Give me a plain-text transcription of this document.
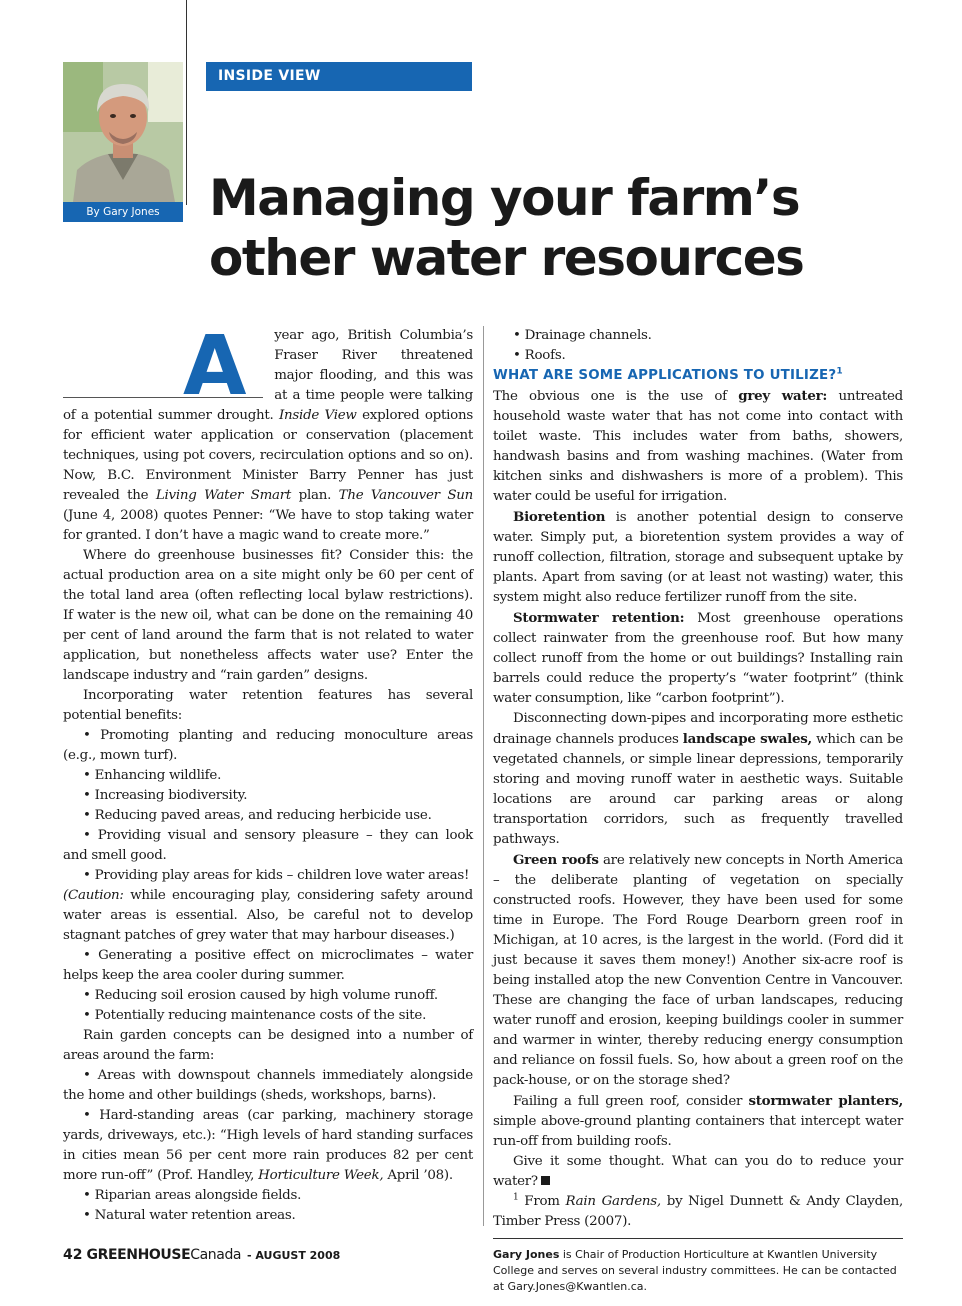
By Gary Jones
INSIDE VIEW
Managing your farm’s
other water resources

A year ago, British Columbia’s Fraser River threatened major flooding, and this was at a time people were talking of a potential summer drought. Inside View explored options for efficient water application or conservation (placement techniques, using pot covers, recirculation options and so on). Now, B.C. Environment Minister Barry Penner has just revealed the Living Water Smart plan. The Vancouver Sun (June 4, 2008) quotes Penner: “We have to stop taking water for granted. I don’t have a magic wand to create more.”

Where do greenhouse businesses fit? Consider this: the actual production area on a site might only be 60 per cent of the total land area (often reflecting local bylaw restrictions). If water is the new oil, what can be done on the remaining 40 per cent of land around the farm that is not related to water application, but nonetheless affects water use? Enter the landscape industry and “rain garden” designs.

Incorporating water retention features has several potential benefits:

• Promoting planting and reducing monoculture areas (e.g., mown turf).

• Enhancing wildlife.

• Increasing biodiversity.

• Reducing paved areas, and reducing herbicide use.

• Providing visual and sensory pleasure – they can look and smell good.

• Providing play areas for kids – children love water areas!

(Caution: while encouraging play, considering safety around water areas is essential. Also, be careful not to develop stagnant patches of grey water that may harbour diseases.)

• Generating a positive effect on microclimates – water helps keep the area cooler during summer.

• Reducing soil erosion caused by high volume runoff.

• Potentially reducing maintenance costs of the site.

Rain garden concepts can be designed into a number of areas around the farm:

• Areas with downspout channels immediately alongside the home and other buildings (sheds, workshops, barns).

• Hard-standing areas (car parking, machinery storage yards, driveways, etc.): “High levels of hard standing surfaces in cities mean 56 per cent more rain produces 82 per cent more run-off” (Prof. Handley, Horticulture Week, April ’08).

• Riparian areas alongside fields.

• Natural water retention areas.

• Drainage channels.

• Roofs.

WHAT ARE SOME APPLICATIONS TO UTILIZE?$^1$

The obvious one is the use of grey water: untreated household waste water that has not come into contact with toilet waste. This includes water from baths, showers, handwash basins and from washing machines. (Water from kitchen sinks and dishwashers is more of a problem). This water could be useful for irrigation.

Bioretention is another potential design to conserve water. Simply put, a bioretention system provides a way of runoff collection, filtration, storage and subsequent uptake by plants. Apart from saving (or at least not wasting) water, this system might also reduce fertilizer runoff from the site.

Stormwater retention: Most greenhouse operations collect rainwater from the greenhouse roof. But how many collect runoff from the home or out buildings? Installing rain barrels could reduce the property’s “water footprint” (think water consumption, like “carbon footprint”).

Disconnecting down-pipes and incorporating more esthetic drainage channels produces landscape swales, which can be vegetated channels, or simple linear depressions, temporarily storing and moving runoff water in aesthetic ways. Suitable locations are around car parking areas or along transportation corridors, such as frequently travelled pathways.

Green roofs are relatively new concepts in North America – the deliberate planting of vegetation on specially constructed roofs. However, they have been used for some time in Europe. The Ford Rouge Dearborn green roof in Michigan, at 10 acres, is the largest in the world. (Ford did it just because it saves them money!) Another six-acre roof is being installed atop the new Convention Centre in Vancouver. These are changing the face of urban landscapes, reducing water runoff and erosion, keeping buildings cooler in summer and warmer in winter, thereby reducing energy consumption and reliance on fossil fuels. So, how about a green roof on the pack-house, or on the storage shed?

Failing a full green roof, consider stormwater planters, simple above-ground planting containers that intercept water run-off from building roofs.

Give it some thought. What can you do to reduce your water?

$^1$ From Rain Gardens, by Nigel Dunnett & Andy Clayden, Timber Press (2007).

Gary Jones is Chair of Production Horticulture at Kwantlen University College and serves on several industry committees. He can be contacted at Gary.Jones@Kwantlen.ca.

42 GREENHOUSECanada - AUGUST 2008
